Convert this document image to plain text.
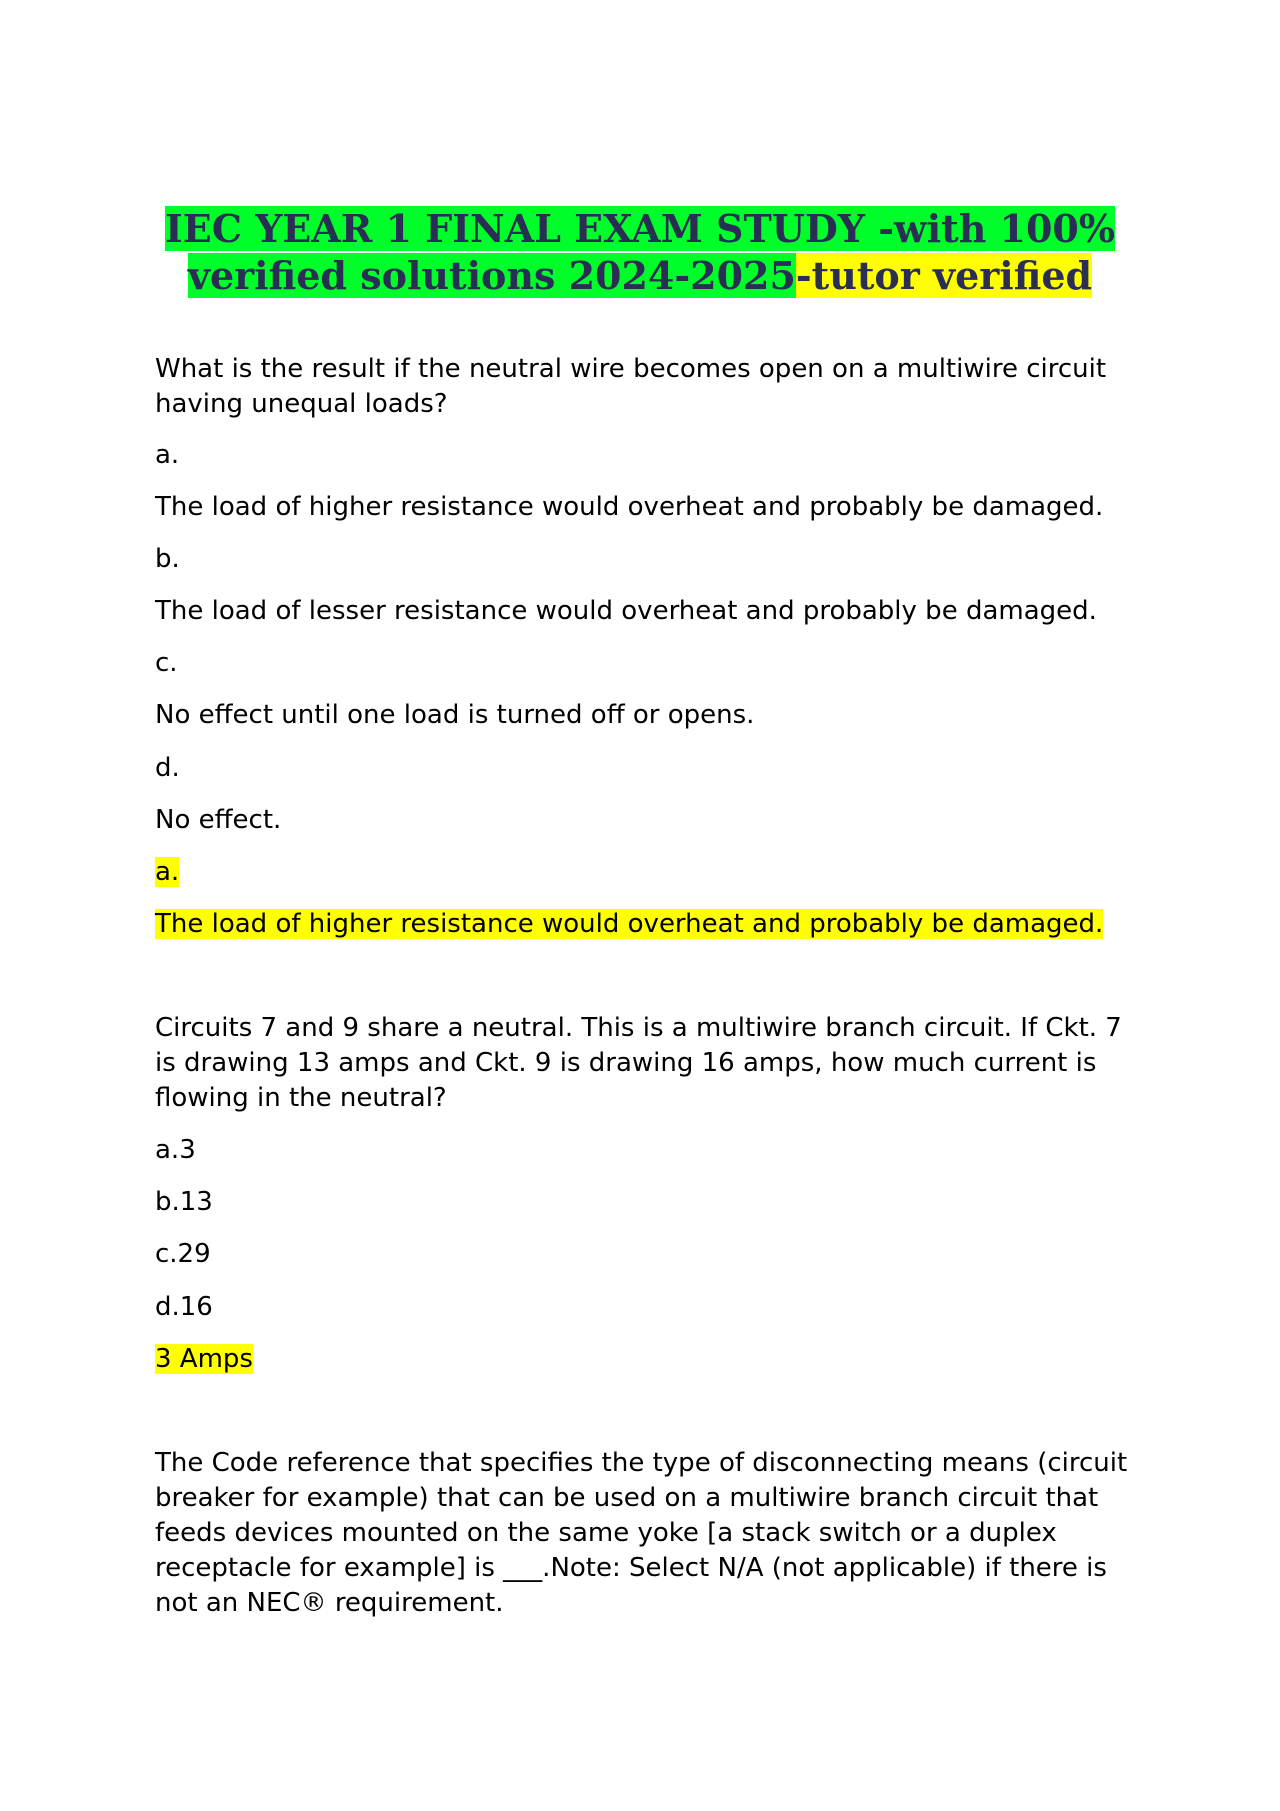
IEC YEAR 1 FINAL EXAM STUDY -with 100%
verified solutions 2024-2025-tutor verified
What is the result if the neutral wire becomes open on a multiwire circuit having unequal loads?
a.
The load of higher resistance would overheat and probably be damaged.
b.
The load of lesser resistance would overheat and probably be damaged.
c.
No effect until one load is turned off or opens.
d.
No effect.
a.
The load of higher resistance would overheat and probably be damaged.
Circuits 7 and 9 share a neutral. This is a multiwire branch circuit. If Ckt. 7 is drawing 13 amps and Ckt. 9 is drawing 16 amps, how much current is flowing in the neutral?
a.3
b.13
c.29
d.16
3 Amps
The Code reference that specifies the type of disconnecting means (circuit breaker for example) that can be used on a multiwire branch circuit that feeds devices mounted on the same yoke [a stack switch or a duplex receptacle for example] is ___.Note: Select N/A (not applicable) if there is not an NEC® requirement.
